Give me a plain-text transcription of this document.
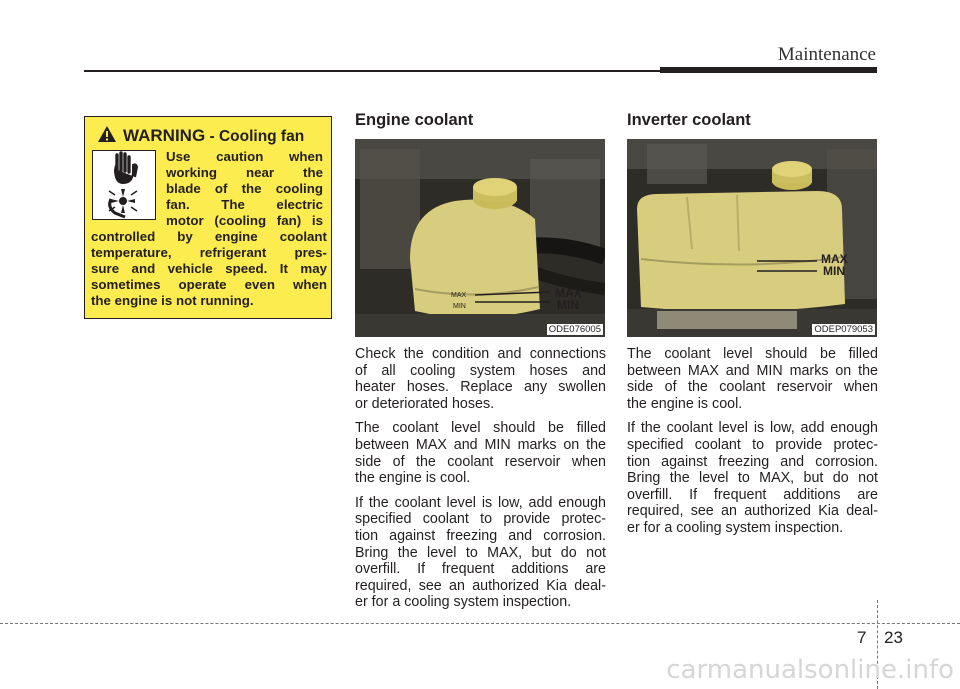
Maintenance
WARNING - Cooling fan
Use caution when
working near the
blade of the cooling
fan. The electric
motor (cooling fan) is
controlled by engine coolant
temperature, refrigerant pres-
sure and vehicle speed. It may
sometimes operate even when
the engine is not running.
Engine coolant
MAX
MIN
MAX
MIN
ODE076005

Check the condition and connections
of all cooling system hoses and
heater hoses. Replace any swollen
or deteriorated hoses.

The coolant level should be filled
between MAX and MIN marks on the
side of the coolant reservoir when
the engine is cool.

If the coolant level is low, add enough
specified coolant to provide protec-
tion against freezing and corrosion.
Bring the level to MAX, but do not
overfill. If frequent additions are
required, see an authorized Kia deal-
er for a cooling system inspection.

Inverter coolant
MAX
MIN
ODEP079053

The coolant level should be filled
between MAX and MIN marks on the
side of the coolant reservoir when
the engine is cool.

If the coolant level is low, add enough
specified coolant to provide protec-
tion against freezing and corrosion.
Bring the level to MAX, but do not
overfill. If frequent additions are
required, see an authorized Kia deal-
er for a cooling system inspection.

7 23
carmanualsonline.info
